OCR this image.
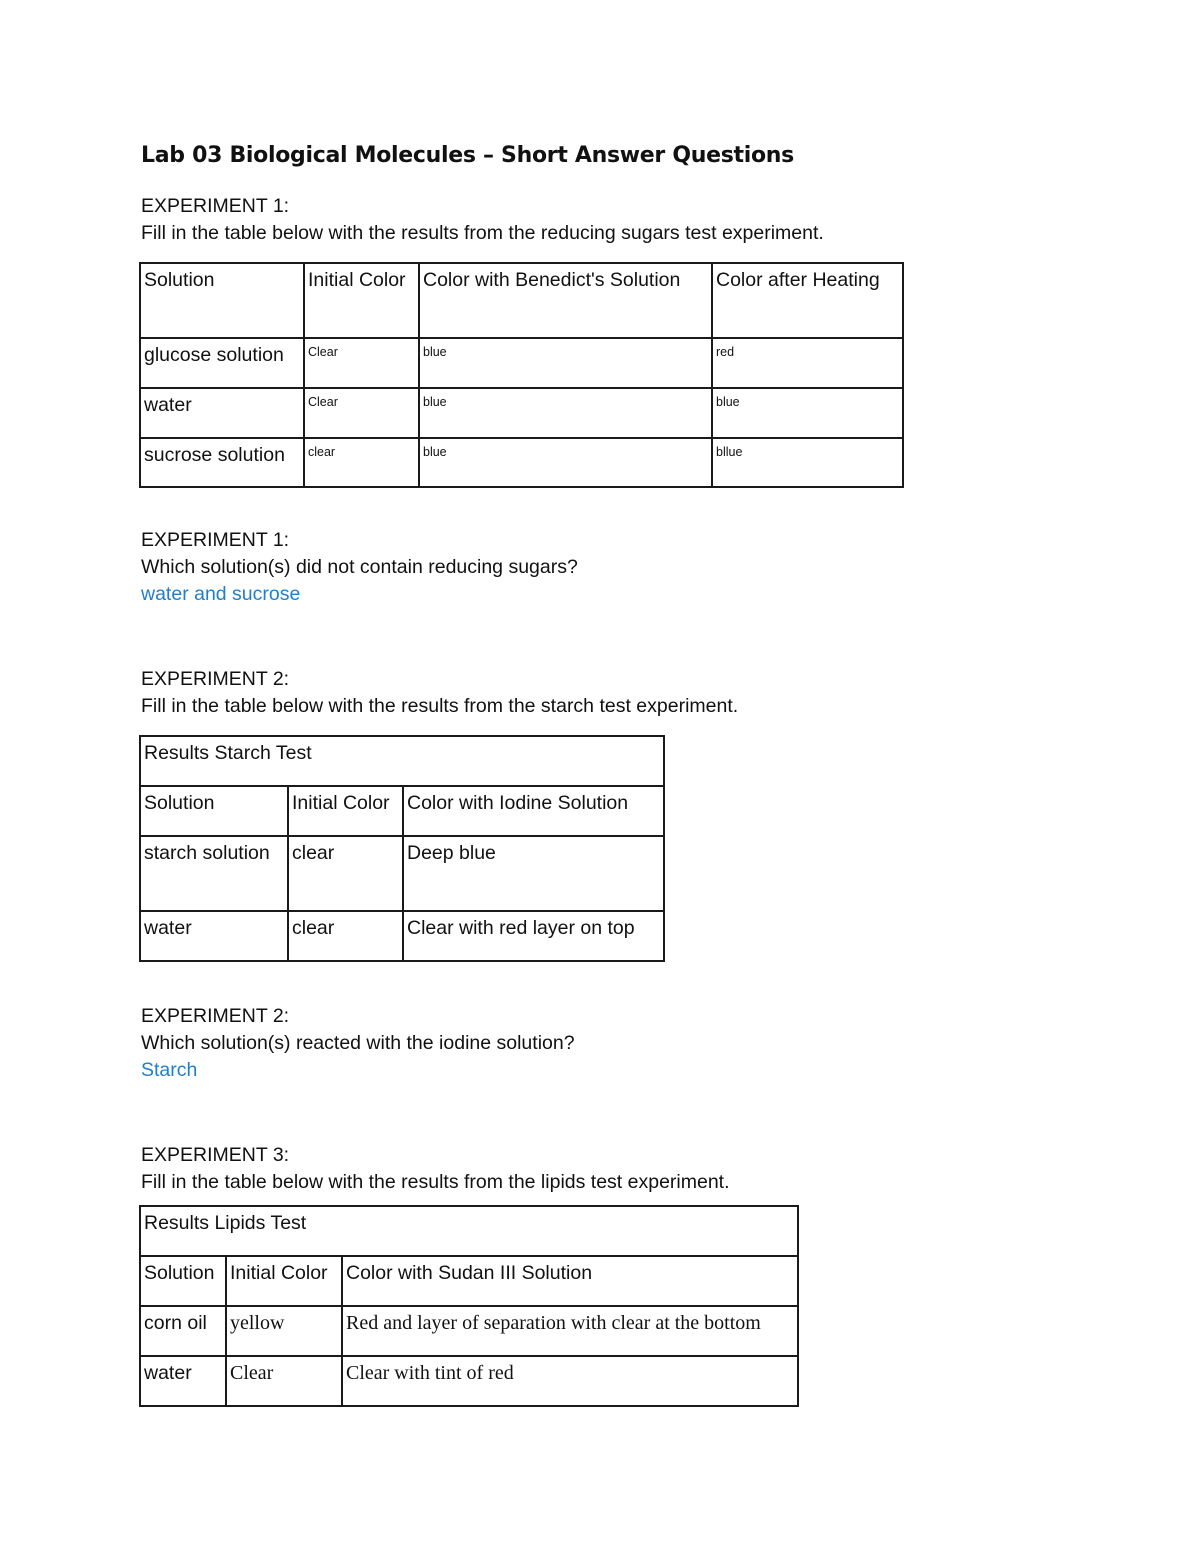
Lab 03 Biological Molecules – Short Answer Questions
EXPERIMENT 1:
Fill in the table below with the results from the reducing sugars test experiment.
Solution	Initial Color	Color with Benedict's Solution	Color after Heating
glucose solution	Clear	blue	red
water	Clear	blue	blue
sucrose solution	clear	blue	bllue
EXPERIMENT 1:
Which solution(s) did not contain reducing sugars?
water and sucrose
EXPERIMENT 2:
Fill in the table below with the results from the starch test experiment.
Results Starch Test		
Solution	Initial Color	Color with Iodine Solution
starch solution	clear	Deep blue
water	clear	Clear with red layer on top
EXPERIMENT 2:
Which solution(s) reacted with the iodine solution?
Starch
EXPERIMENT 3:
Fill in the table below with the results from the lipids test experiment.
Results Lipids Test		
Solution	Initial Color	Color with Sudan III Solution
corn oil	yellow	Red and layer of separation with clear at the bottom
water	Clear	Clear with tint of red
